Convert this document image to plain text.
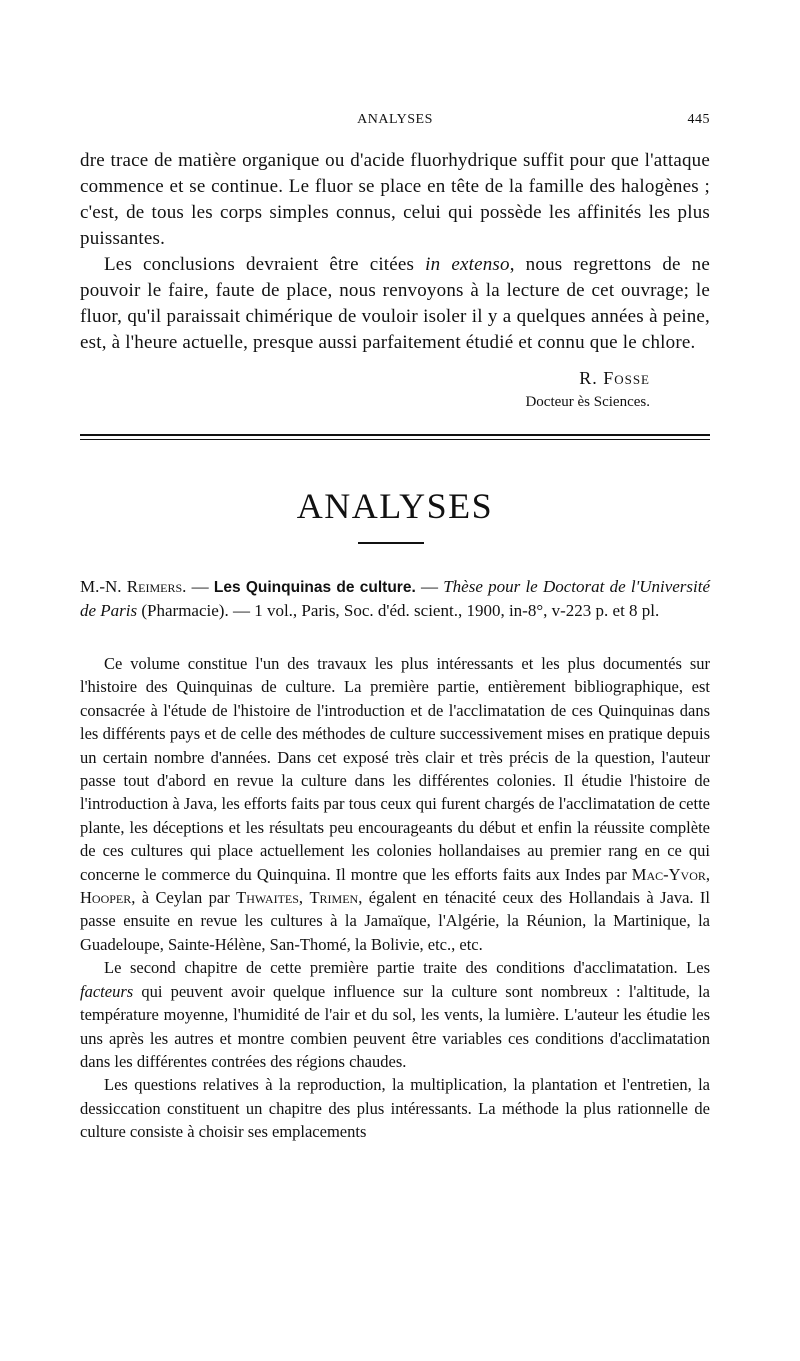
ANALYSES	445

dre trace de matière organique ou d'acide fluorhydrique suffit pour que l'attaque commence et se continue. Le fluor se place en tête de la famille des halogènes ; c'est, de tous les corps simples connus, celui qui possède les affinités les plus puissantes.

Les conclusions devraient être citées in extenso, nous regrettons de ne pouvoir le faire, faute de place, nous renvoyons à la lecture de cet ouvrage; le fluor, qu'il paraissait chimérique de vouloir isoler il y a quelques années à peine, est, à l'heure actuelle, presque aussi parfaitement étudié et connu que le chlore.

R. Fosse
Docteur ès Sciences.
ANALYSES
M.-N. Reimers. — Les Quinquinas de culture. — Thèse pour le Doctorat de l'Université de Paris (Pharmacie). — 1 vol., Paris, Soc. d'éd. scient., 1900, in-8°, v-223 p. et 8 pl.

Ce volume constitue l'un des travaux les plus intéressants et les plus documentés sur l'histoire des Quinquinas de culture. La première partie, entièrement bibliographique, est consacrée à l'étude de l'histoire de l'introduction et de l'acclimatation de ces Quinquinas dans les différents pays et de celle des méthodes de culture successivement mises en pratique depuis un certain nombre d'années. Dans cet exposé très clair et très précis de la question, l'auteur passe tout d'abord en revue la culture dans les différentes colonies. Il étudie l'histoire de l'introduction à Java, les efforts faits par tous ceux qui furent chargés de l'acclimatation de cette plante, les déceptions et les résultats peu encourageants du début et enfin la réussite complète de ces cultures qui place actuellement les colonies hollandaises au premier rang en ce qui concerne le commerce du Quinquina. Il montre que les efforts faits aux Indes par Mac-Yvor, Hooper, à Ceylan par Thwaites, Trimen, égalent en ténacité ceux des Hollandais à Java. Il passe ensuite en revue les cultures à la Jamaïque, l'Algérie, la Réunion, la Martinique, la Guadeloupe, Sainte-Hélène, San-Thomé, la Bolivie, etc., etc.

Le second chapitre de cette première partie traite des conditions d'acclimatation. Les facteurs qui peuvent avoir quelque influence sur la culture sont nombreux : l'altitude, la température moyenne, l'humidité de l'air et du sol, les vents, la lumière. L'auteur les étudie les uns après les autres et montre combien peuvent être variables ces conditions d'acclimatation dans les différentes contrées des régions chaudes.

Les questions relatives à la reproduction, la multiplication, la plantation et l'entretien, la dessiccation constituent un chapitre des plus intéressants. La méthode la plus rationnelle de culture consiste à choisir ses emplacements
